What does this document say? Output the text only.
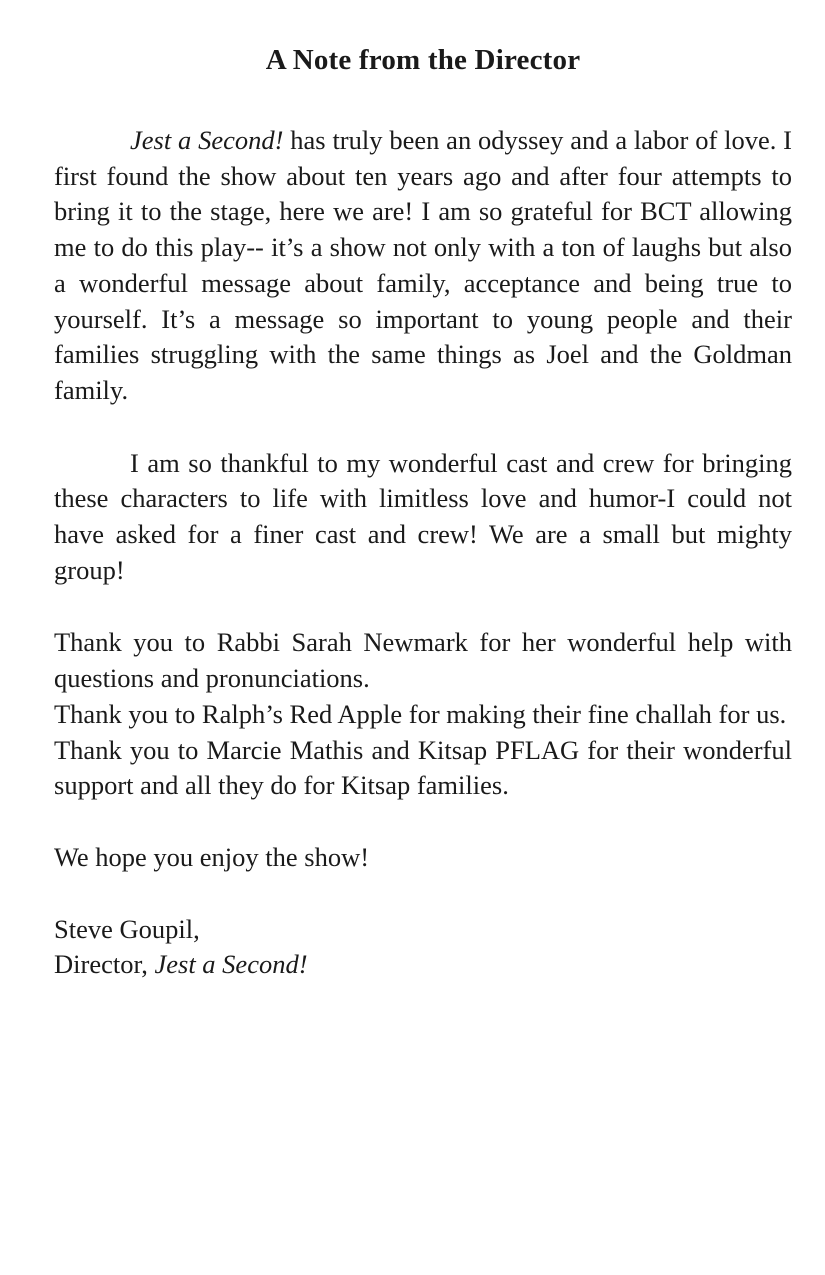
A Note from the Director

Jest a Second! has truly been an odyssey and a labor of love. I first found the show about ten years ago and after four attempts to bring it to the stage, here we are! I am so grateful for BCT allowing me to do this play-- it’s a show not only with a ton of laughs but also a wonderful message about family, acceptance and being true to yourself. It’s a message so important to young people and their families struggling with the same things as Joel and the Goldman family.

I am so thankful to my wonderful cast and crew for bringing these characters to life with limitless love and humor-I could not have asked for a finer cast and crew! We are a small but mighty group!

Thank you to Rabbi Sarah Newmark for her wonderful help with questions and pronunciations.

Thank you to Ralph’s Red Apple for making their fine challah for us.

Thank you to Marcie Mathis and Kitsap PFLAG for their wonderful support and all they do for Kitsap families.

We hope you enjoy the show!

Steve Goupil,

Director, Jest a Second!
